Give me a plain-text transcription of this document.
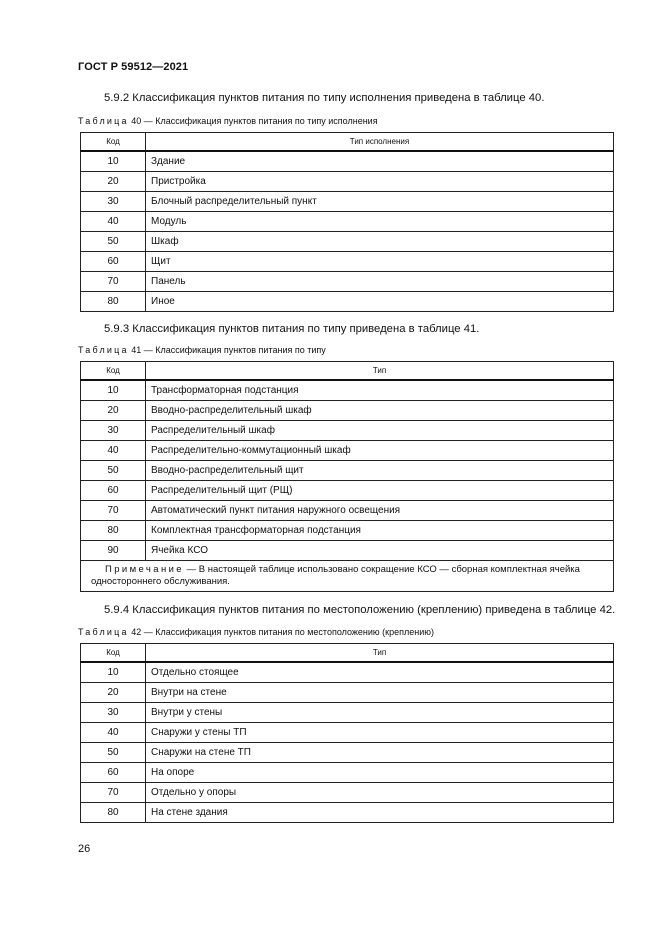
ГОСТ Р 59512—2021
5.9.2 Классификация пунктов питания по типу исполнения приведена в таблице 40.
Таблица 40 — Классификация пунктов питания по типу исполнения
Код	Тип исполнения
10	Здание
20	Пристройка
30	Блочный распределительный пункт
40	Модуль
50	Шкаф
60	Щит
70	Панель
80	Иное
5.9.3 Классификация пунктов питания по типу приведена в таблице 41.
Таблица 41 — Классификация пунктов питания по типу
Код	Тип
10	Трансформаторная подстанция
20	Вводно-распределительный шкаф
30	Распределительный шкаф
40	Распределительно-коммутационный шкаф
50	Вводно-распределительный щит
60	Распределительный щит (РЩ)
70	Автоматический пункт питания наружного освещения
80	Комплектная трансформаторная подстанция
90	Ячейка КСО
Примечание — В настоящей таблице использовано сокращение КСО — сборная комплектная ячейка одностороннего обслуживания.	
5.9.4 Классификация пунктов питания по местоположению (креплению) приведена в таблице 42.
Таблица 42 — Классификация пунктов питания по местоположению (креплению)
Код	Тип
10	Отдельно стоящее
20	Внутри на стене
30	Внутри у стены
40	Снаружи у стены ТП
50	Снаружи на стене ТП
60	На опоре
70	Отдельно у опоры
80	На стене здания
26
